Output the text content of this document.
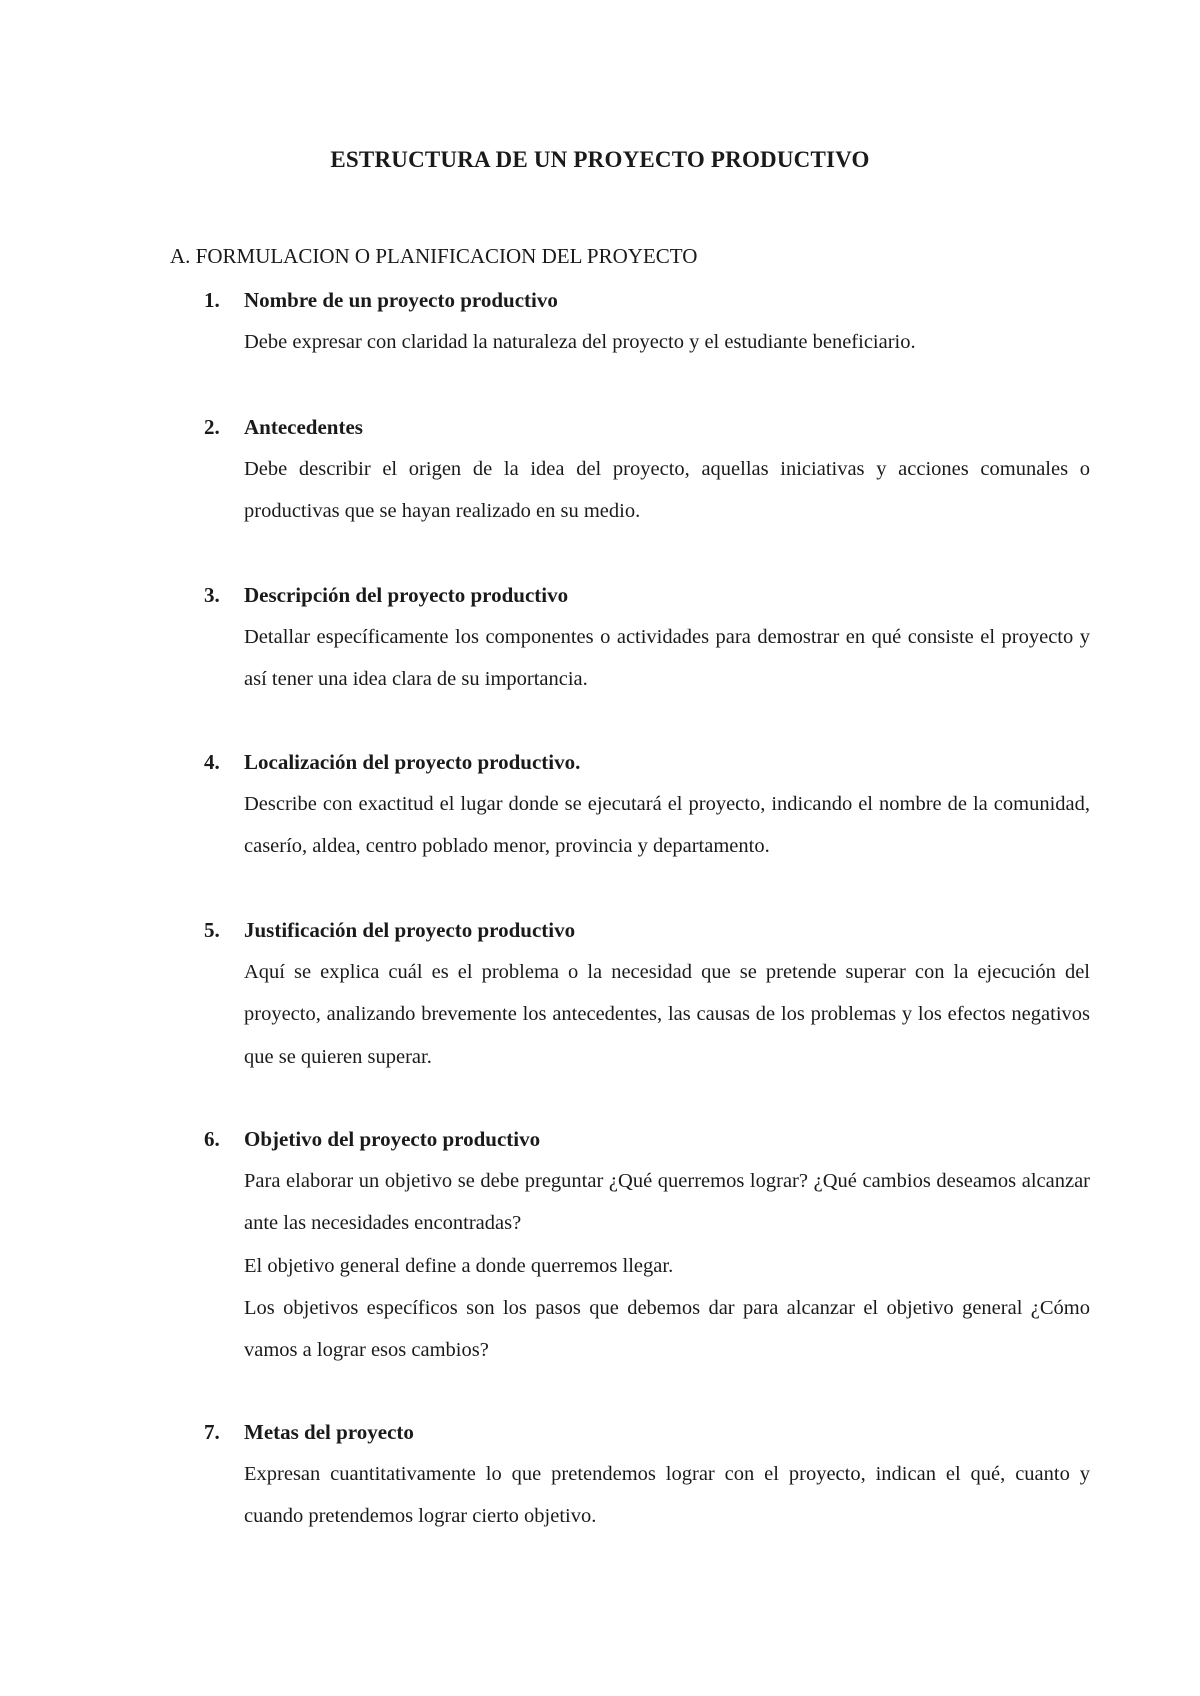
ESTRUCTURA DE UN PROYECTO PRODUCTIVO
A. FORMULACION O PLANIFICACION DEL PROYECTO
1. Nombre de un proyecto productivo

Debe expresar con claridad la naturaleza del proyecto y el estudiante beneficiario.

2. Antecedentes

Debe describir el origen de la idea del proyecto, aquellas iniciativas y acciones comunales o productivas que se hayan realizado en su medio.

3. Descripción del proyecto productivo

Detallar específicamente los componentes o actividades para demostrar en qué consiste el proyecto y así tener una idea clara de su importancia.

4. Localización del proyecto productivo.

Describe con exactitud el lugar donde se ejecutará el proyecto, indicando el nombre de la comunidad, caserío, aldea, centro poblado menor, provincia y departamento.

5. Justificación del proyecto productivo

Aquí se explica cuál es el problema o la necesidad que se pretende superar con la ejecución del proyecto, analizando brevemente los antecedentes, las causas de los problemas y los efectos negativos que se quieren superar.

6. Objetivo del proyecto productivo

Para elaborar un objetivo se debe preguntar ¿Qué querremos lograr? ¿Qué cambios deseamos alcanzar ante las necesidades encontradas?

El objetivo general define a donde querremos llegar.

Los objetivos específicos son los pasos que debemos dar para alcanzar el objetivo general ¿Cómo vamos a lograr esos cambios?

7. Metas del proyecto

Expresan cuantitativamente lo que pretendemos lograr con el proyecto, indican el qué, cuanto y cuando pretendemos lograr cierto objetivo.
